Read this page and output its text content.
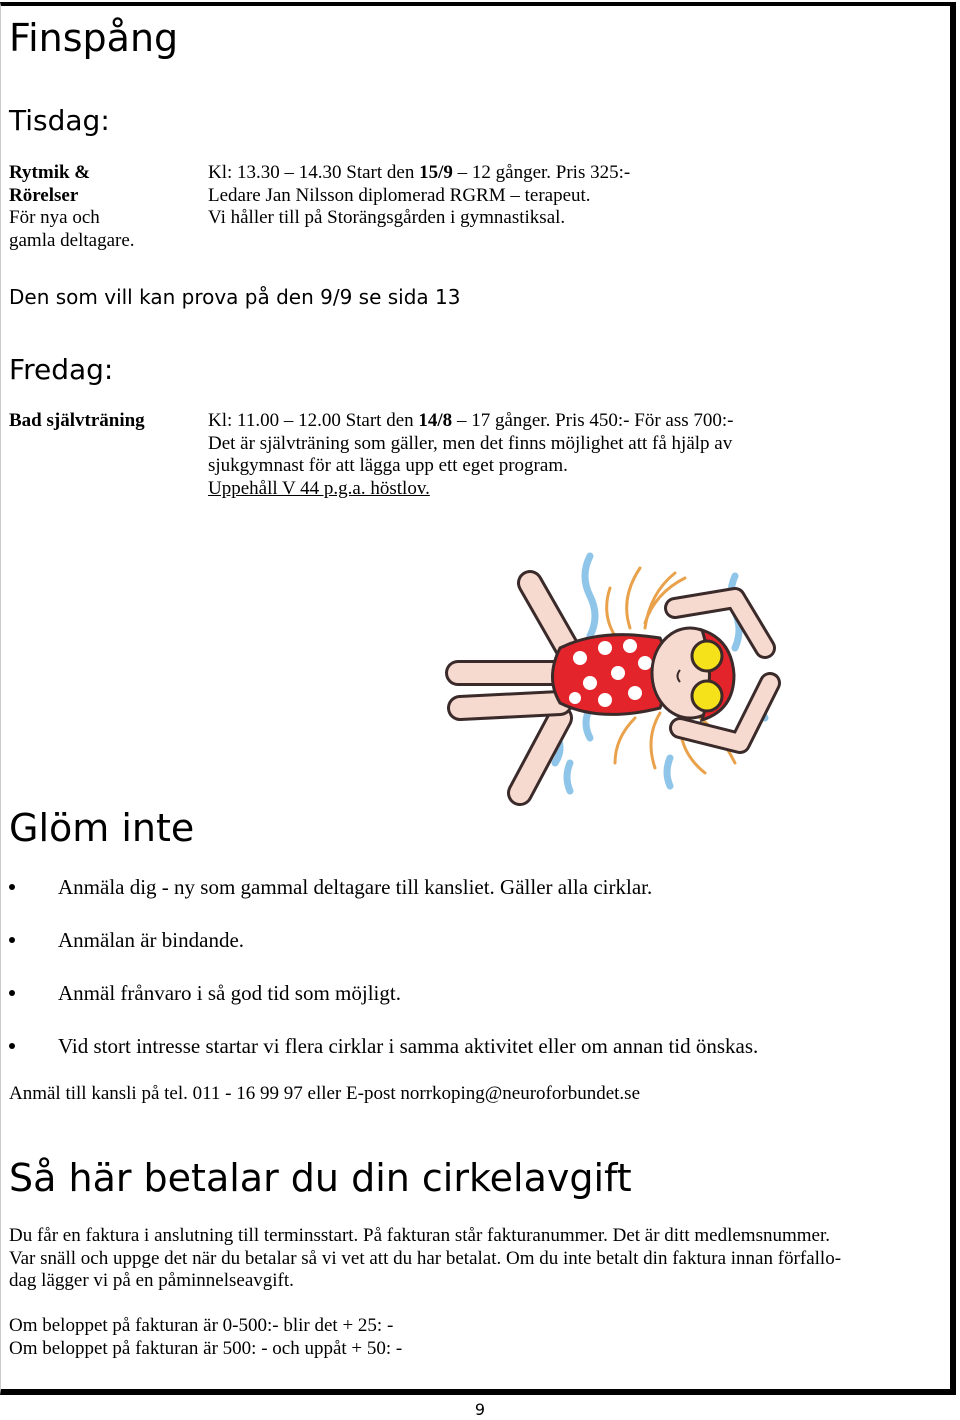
Finspång
Tisdag:
Rytmik &
Rörelser
För nya och
gamla deltagare.
Kl: 13.30 – 14.30 Start den 15/9 – 12 gånger. Pris 325:-
Ledare Jan Nilsson diplomerad RGRM – terapeut.
Vi håller till på Storängsgården i gymnastiksal.
Den som vill kan prova på den 9/9 se sida 13
Fredag:
Bad självträning	Kl: 11.00 – 12.00 Start den 14/8 – 17 gånger. Pris 450:- För ass 700:-
Det är självträning som gäller, men det finns möjlighet att få hjälp av
sjukgymnast för att lägga upp ett eget program.
Uppehåll V 44 p.g.a. höstlov.
Glöm inte
Anmäla dig - ny som gammal deltagare till kansliet. Gäller alla cirklar.
Anmälan är bindande.
Anmäl frånvaro i så god tid som möjligt.
Vid stort intresse startar vi flera cirklar i samma aktivitet eller om annan tid önskas.
Anmäl till kansli på tel. 011 - 16 99 97 eller E-post norrkoping@neuroforbundet.se
Så här betalar du din cirkelavgift
Du får en faktura i anslutning till terminsstart. På fakturan står fakturanummer. Det är ditt medlemsnummer.
Var snäll och uppge det när du betalar så vi vet att du har betalat. Om du inte betalt din faktura innan förfallo-
dag lägger vi på en påminnelseavgift.
Om beloppet på fakturan är 0-500:- blir det + 25: -
Om beloppet på fakturan är 500: - och uppåt + 50: -
9
